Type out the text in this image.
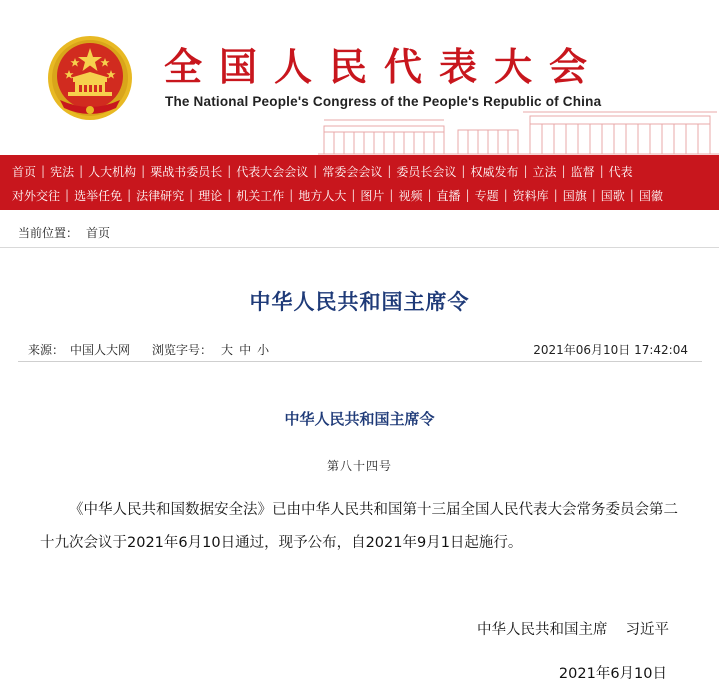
全国人民代表大会
The National People's Congress of the People's Republic of China
首页 | 宪法 | 人大机构 | 栗战书委员长 | 代表大会会议 | 常委会会议 | 委员长会议 | 权威发布 | 立法 | 监督 | 代表
对外交往 | 选举任免 | 法律研究 | 理论 | 机关工作 | 地方人大 | 图片 | 视频 | 直播 | 专题 | 资料库 | 国旗 | 国歌 | 国徽
当前位置： 首页
中华人民共和国主席令
来源： 中国人大网 浏览字号： 大 中 小	2021年06月10日 17:42:04
中华人民共和国主席令
第八十四号
《中华人民共和国数据安全法》已由中华人民共和国第十三届全国人民代表大会常务委员会第二十九次会议于2021年6月10日通过，现予公布，自2021年9月1日起施行。
中华人民共和国主席 习近平
2021年6月10日
